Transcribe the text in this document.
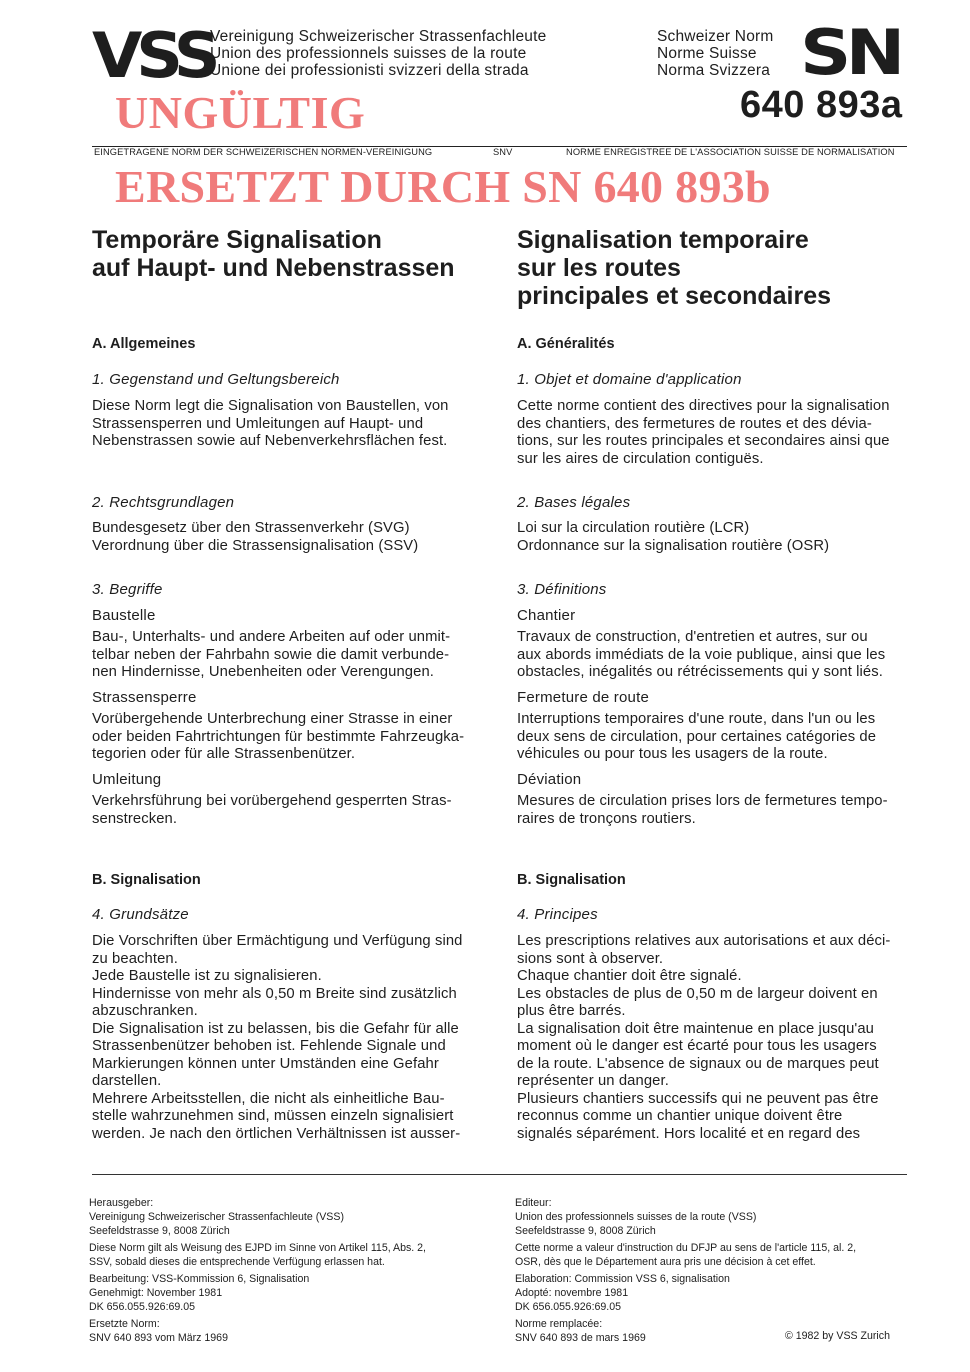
VSS
Vereinigung Schweizerischer Strassenfachleute
Union des professionnels suisses de la route
Unione dei professionisti svizzeri della strada
Schweizer Norm
Norme Suisse
Norma Svizzera SN
640 893a
UNGÜLTIG
EINGETRAGENE NORM DER SCHWEIZERISCHEN NORMEN-VEREINIGUNG	SNV	NORME ENREGISTREE DE L'ASSOCIATION SUISSE DE NORMALISATION
ERSETZT DURCH SN 640 893b
Temporäre Signalisation
auf Haupt- und Nebenstrassen
A. Allgemeines
1. Gegenstand und Geltungsbereich
Diese Norm legt die Signalisation von Baustellen, von
Strassensperren und Umleitungen auf Haupt- und
Nebenstrassen sowie auf Nebenverkehrsflächen fest.
2. Rechtsgrundlagen
Bundesgesetz über den Strassenverkehr (SVG)
Verordnung über die Strassensignalisation (SSV)
3. Begriffe
Baustelle
Bau-, Unterhalts- und andere Arbeiten auf oder unmit-
telbar neben der Fahrbahn sowie die damit verbunde-
nen Hindernisse, Unebenheiten oder Verengungen.
Strassensperre
Vorübergehende Unterbrechung einer Strasse in einer
oder beiden Fahrtrichtungen für bestimmte Fahrzeugka-
tegorien oder für alle Strassenbenützer.
Umleitung
Verkehrsführung bei vorübergehend gesperrten Stras-
senstrecken.
B. Signalisation
4. Grundsätze
Die Vorschriften über Ermächtigung und Verfügung sind
zu beachten.
Jede Baustelle ist zu signalisieren.
Hindernisse von mehr als 0,50 m Breite sind zusätzlich
abzuschranken.
Die Signalisation ist zu belassen, bis die Gefahr für alle
Strassenbenützer behoben ist. Fehlende Signale und
Markierungen können unter Umständen eine Gefahr
darstellen.
Mehrere Arbeitsstellen, die nicht als einheitliche Bau-
stelle wahrzunehmen sind, müssen einzeln signalisiert
werden. Je nach den örtlichen Verhältnissen ist ausser-
Signalisation temporaire
sur les routes
principales et secondaires
A. Généralités
1. Objet et domaine d'application
Cette norme contient des directives pour la signalisation
des chantiers, des fermetures de routes et des dévia-
tions, sur les routes principales et secondaires ainsi que
sur les aires de circulation contiguës.
2. Bases légales
Loi sur la circulation routière (LCR)
Ordonnance sur la signalisation routière (OSR)
3. Définitions
Chantier
Travaux de construction, d'entretien et autres, sur ou
aux abords immédiats de la voie publique, ainsi que les
obstacles, inégalités ou rétrécissements qui y sont liés.
Fermeture de route
Interruptions temporaires d'une route, dans l'un ou les
deux sens de circulation, pour certaines catégories de
véhicules ou pour tous les usagers de la route.
Déviation
Mesures de circulation prises lors de fermetures tempo-
raires de tronçons routiers.
B. Signalisation
4. Principes
Les prescriptions relatives aux autorisations et aux déci-
sions sont à observer.
Chaque chantier doit être signalé.
Les obstacles de plus de 0,50 m de largeur doivent en
plus être barrés.
La signalisation doit être maintenue en place jusqu'au
moment où le danger est écarté pour tous les usagers
de la route. L'absence de signaux ou de marques peut
représenter un danger.
Plusieurs chantiers successifs qui ne peuvent pas être
reconnus comme un chantier unique doivent être
signalés séparément. Hors localité et en regard des

Herausgeber:
Vereinigung Schweizerischer Strassenfachleute (VSS)
Seefeldstrasse 9, 8008 Zürich

Diese Norm gilt als Weisung des EJPD im Sinne von Artikel 115, Abs. 2,
SSV, sobald dieses die entsprechende Verfügung erlassen hat.

Bearbeitung: VSS-Kommission 6, Signalisation
Genehmigt: November 1981
DK 656.055.926:69.05

Ersetzte Norm:
SNV 640 893 vom März 1969

Editeur:
Union des professionnels suisses de la route (VSS)
Seefeldstrasse 9, 8008 Zürich

Cette norme a valeur d'instruction du DFJP au sens de l'article 115, al. 2,
OSR, dès que le Département aura pris une décision à cet effet.

Elaboration: Commission VSS 6, signalisation
Adopté: novembre 1981
DK 656.055.926:69.05

Norme remplacée:
SNV 640 893 de mars 1969	© 1982 by VSS Zurich
